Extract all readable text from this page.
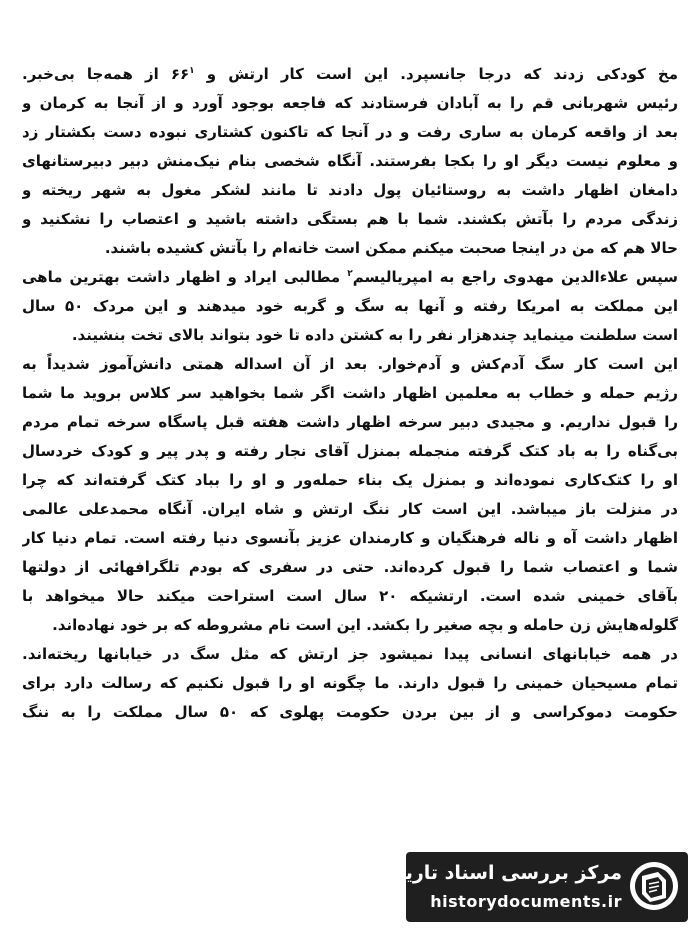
مخ کودکی زدند که درجا جانسپرد. این است کار ارتش و ۶۶$^۱$ از همه‌جا بی‌خبر.
رئیس شهربانی قم را به آبادان فرستادند که فاجعه بوجود آورد و از آنجا به کرمان و
بعد از واقعه کرمان به ساری رفت و در آنجا که تاکنون کشتاری نبوده دست بکشتار زد
و معلوم نیست دیگر او را بکجا بفرستند. آنگاه شخصی بنام نیک‌منش دبیر دبیرستانهای
دامغان اظهار داشت به روستائیان پول دادند تا مانند لشکر مغول به شهر ریخته و
زندگی مردم را بآتش بکشند. شما با هم بستگی داشته باشید و اعتصاب را نشکنید و
حالا هم که من در اینجا صحبت میکنم ممکن است خانه‌ام را بآتش کشیده باشند.
سپس علاءالدین مهدوی راجع به امپریالیسم$^۲$ مطالبی ایراد و اظهار داشت بهترین ماهی
این مملکت به امریکا رفته و آنها به سگ و گربه خود میدهند و این مردک ۵۰ سال
است سلطنت مینماید چندهزار نفر را به کشتن داده تا خود بتواند بالای تخت بنشیند.
این است کار سگ آدم‌کش و آدم‌خوار. بعد از آن اسداله همتی دانش‌آموز شدیداً به
رژیم حمله و خطاب به معلمین اظهار داشت اگر شما بخواهید سر کلاس بروید ما شما
را قبول نداریم. و مجیدی دبیر سرخه اظهار داشت هفته قبل پاسگاه سرخه تمام مردم
بی‌گناه را به باد کتک گرفته منجمله بمنزل آقای نجار رفته و پدر پیر و کودک خردسال
او را کتک‌کاری نموده‌اند و بمنزل یک بناء حمله‌ور و او را بباد کتک گرفته‌اند که چرا
در منزلت باز میباشد. این است کار ننگ ارتش و شاه ایران. آنگاه محمدعلی عالمی
اظهار داشت آه و ناله فرهنگیان و کارمندان عزیز بآنسوی دنیا رفته است. تمام دنیا کار
شما و اعتصاب شما را قبول کرده‌اند. حتی در سفری که بودم تلگرافهائی از دولتها
بآقای خمینی شده است. ارتشیکه ۲۰ سال است استراحت میکند حالا میخواهد با
گلوله‌هایش زن حامله و بچه صغیر را بکشد. این است نام مشروطه که بر خود نهاده‌اند.
در همه خیابانهای انسانی پیدا نمیشود جز ارتش که مثل سگ در خیابانها ریخته‌اند.
تمام مسیحیان خمینی را قبول دارند. ما چگونه او را قبول نکنیم که رسالت دارد برای
حکومت دموکراسی و از بین بردن حکومت پهلوی که ۵۰ سال مملکت را به ننگ
مرکز بررسی اسناد تاریخی
historydocuments.ir
